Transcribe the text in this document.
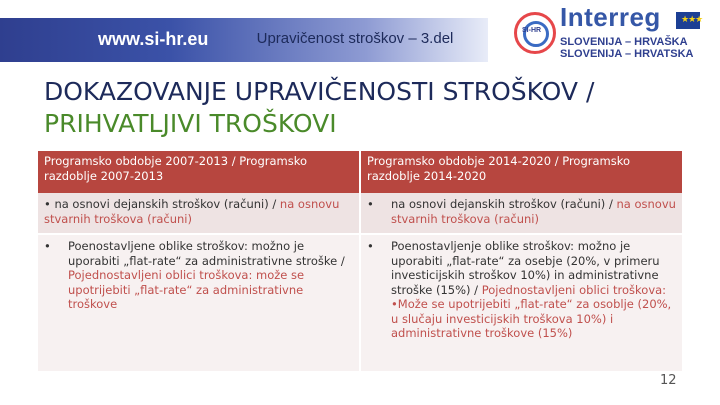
www.si-hr.eu	Upravičenost stroškov – 3.del	SI-HR Interreg ★★★
SLOVENIJA – HRVAŠKA
SLOVENIJA – HRVATSKA
DOKAZOVANJE UPRAVIČENOSTI STROŠKOV /
PRIHVATLJIVI TROŠKOVI
Programsko obdobje 2007-2013 / Programsko razdoblje 2007-2013	Programsko obdobje 2014-2020 / Programsko razdoblje 2014-2020
• na osnovi dejanskih stroškov (računi) / na osnovu stvarnih troškova (računi)	• na osnovi dejanskih stroškov (računi) / na osnovu stvarnih troškova (računi)

• Poenostavljene oblike stroškov: možno je uporabiti „flat-rate“ za administrativne stroške / Pojednostavljeni oblici troškova: može se upotrijebiti „flat-rate“ za administrativne troškove	• Poenostavljenje oblike stroškov: možno je uporabiti „flat-rate“ za osebje (20%, v primeru investicijskih stroškov 10%) in administrativne stroške (15%) / Pojednostavljeni oblici troškova: •Može se upotrijebiti „flat-rate“ za osoblje (20%, u slučaju investicijskih troškova 10%) i administrativne troškove (15%)
12
